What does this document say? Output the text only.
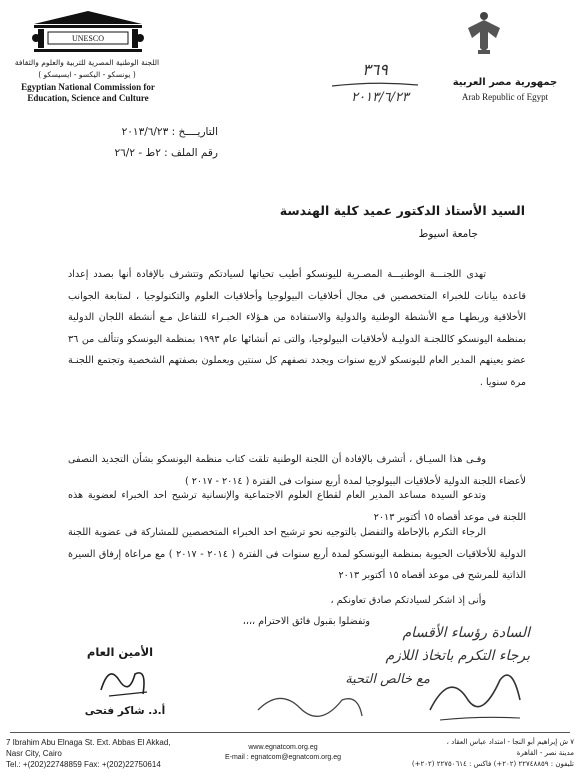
UNESCO
اللجنة الوطنية المصرية للتربية والعلوم والثقافة
( يونسكو - اليكسو - ايسيسكو )
Egyptian National Commission for
Education, Science and Culture
جمهورية مصر العربية
Arab Republic of Egypt
٣٦٩
٢٠١٣/٦/٢٣
التاريــــخ : ٢٠١٣/٦/٢٣
رقم الملف : ٢ط - ٢٦/٢
السيد الأستاذ الدكتور عميد كلية الهندسة
جامعة اسيوط
تهدى اللجنـــة الوطنيـــة المصـرية لليونسكو أطيب تحياتها لسيادتكم وتتشرف بالإفادة أنها بصدد إعداد قاعدة بيانات للخبراء المتخصصين فى مجال أخلاقيات البيولوجيا وأخلاقيات العلوم والتكنولوجيا ، لمتابعة الجوانب الأخلاقية وربطهـا مـع الأنشطة الوطنية والدولية والاستفادة من هـؤلاء الخبـراء للتفاعل مـع أنشطة اللجان الدولية بمنظمة اليونسكو كاللجنـة الدوليـة لأخلاقيات البيولوجيا، والتى تم أنشائها عام ١٩٩٣ بمنظمة اليونسكو وتتألف من ٣٦ عضو يعينهم المدير العام لليونسكو لاربع سنوات ويجدد نصفهم كل سنتين ويعملون بصفتهم الشخصية وتجتمع اللجنـة مرة سنويا .
وفـى هذا السيـاق ، أتشرف بالإفادة أن اللجنة الوطنية تلقت كتاب منظمة اليونسكو بشأن التجديد النصفى لأعضاء اللجنة الدولية لأخلاقيات البيولوجيا لمدة أربع سنوات فى الفترة ( ٢٠١٤ - ٢٠١٧ )
وتدعو السيدة مساعد المدير العام لقطاع العلوم الاجتماعية والإنسانية ترشيح احد الخبراء لعضوية هذه اللجنة فى موعد أقصاه ١٥ أكتوبر ٢٠١٣
الرجاء التكرم بالإحاطة والتفضل بالتوجيه نحو ترشيح احد الخبراء المتخصصين للمشاركة فى عضوية اللجنة الدولية للأخلاقيات الحيوية بمنظمة اليونسكو لمدة أربع سنوات فى الفترة ( ٢٠١٤ - ٢٠١٧ ) مع مراعاة إرفاق السيرة الذاتية للمرشح فى موعد أقصاه ١٥ أكتوبر ٢٠١٣
وأنى إذ اشكر لسيادتكم صادق تعاونكم ،
وتفضلوا بقبول فائق الاحترام ،،،،
الأمين العام
أ.د. شاكر فتحى
السادة رؤساء الأقسام
برجاء التكرم باتخاذ اللازم
مع خالص التحية
7 Ibrahim Abu Elnaga St. Ext. Abbas El Akkad,
Nasr City, Cairo
Tel.: +(202)22748859 Fax: +(202)22750614
www.egnatcom.org.eg
E-mail : egnatcom@egnatcom.org.eg
٧ ش إبراهيم أبو النجا - امتداد عباس العقاد ،
مدينة نصر - القاهرة
تليفون : ٢٢٧٤٨٨٥٩ (٢٠٢+) فاكس : ٢٢٧٥٠٦١٤ (٢٠٢+)
